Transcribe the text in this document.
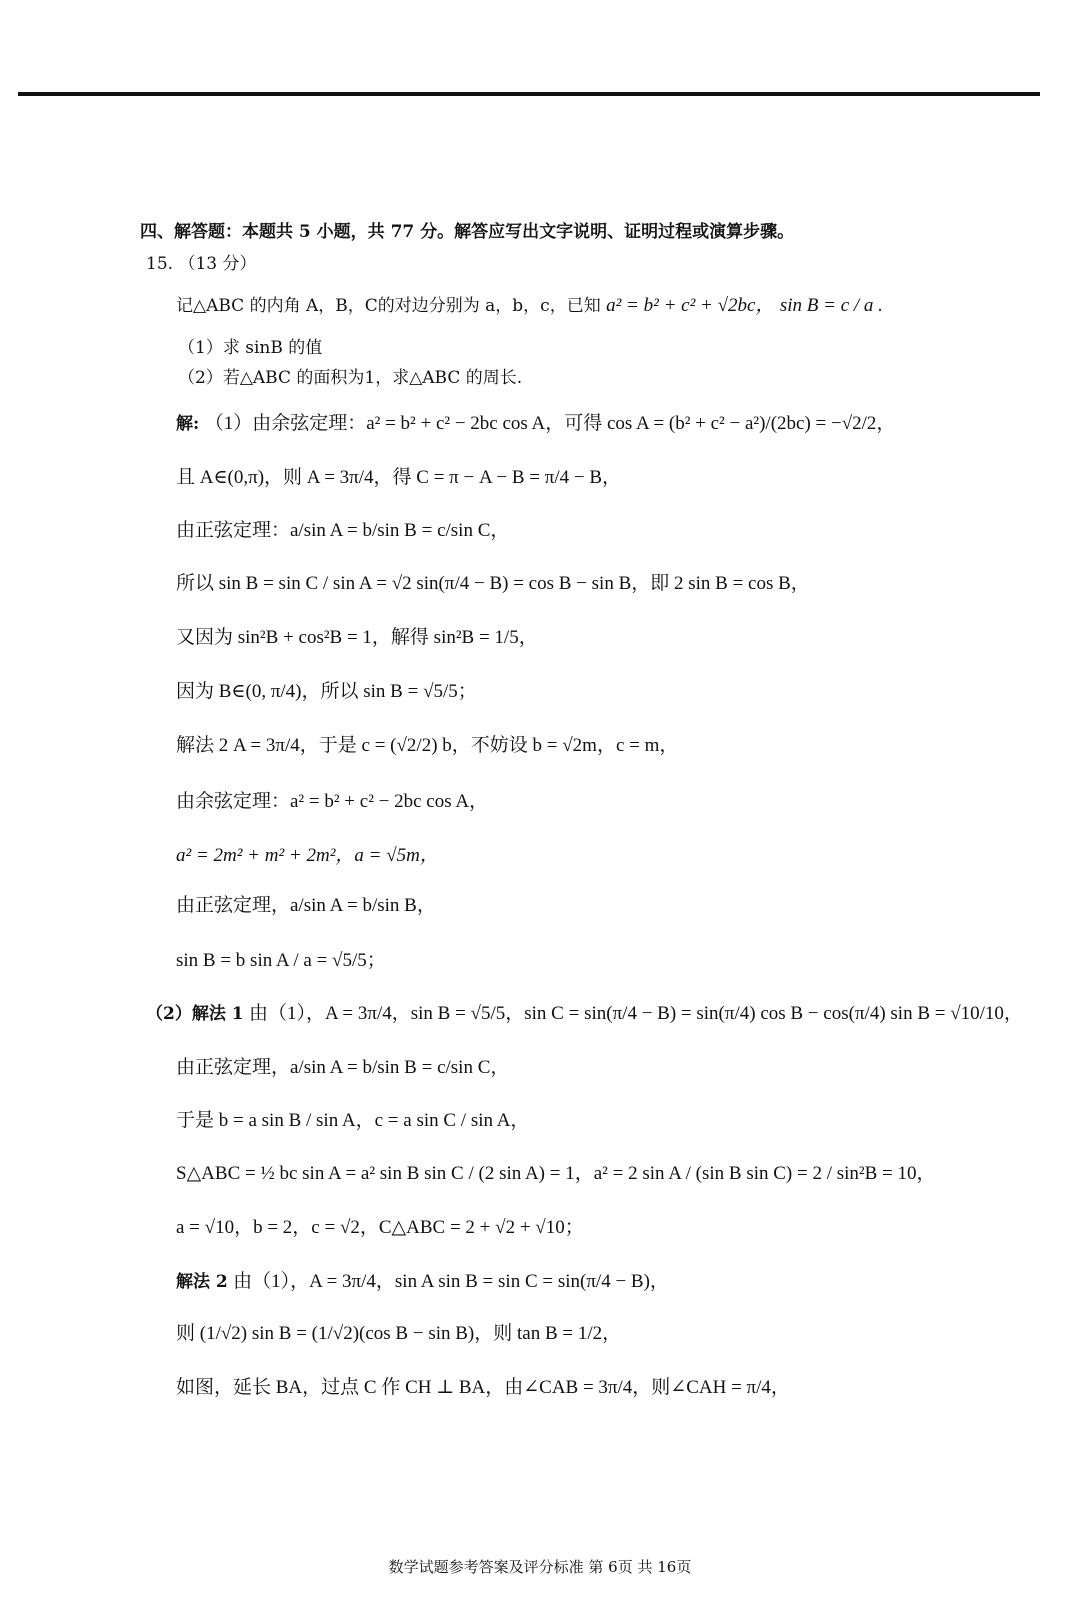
四、解答题：本题共 5 小题，共 77 分。解答应写出文字说明、证明过程或演算步骤。
15. （13 分）
记△ABC 的内角 A，B，C的对边分别为 a，b，c，已知 a² = b² + c² + √2bc， sin B = c / a .
（1）求 sinB 的值
（2）若△ABC 的面积为1，求△ABC 的周长.
解: （1）由余弦定理：a² = b² + c² − 2bc cos A，可得 cos A = (b² + c² − a²)/(2bc) = −√2/2，
且 A∈(0,π)，则 A = 3π/4，得 C = π − A − B = π/4 − B，
由正弦定理：a/sin A = b/sin B = c/sin C，
所以 sin B = sin C / sin A = √2 sin(π/4 − B) = cos B − sin B，即 2 sin B = cos B，
又因为 sin²B + cos²B = 1，解得 sin²B = 1/5，
因为 B∈(0, π/4)，所以 sin B = √5/5；
解法 2 A = 3π/4，于是 c = (√2/2) b，不妨设 b = √2m，c = m，
由余弦定理：a² = b² + c² − 2bc cos A，
a² = 2m² + m² + 2m²，a = √5m，
由正弦定理，a/sin A = b/sin B，
sin B = b sin A / a = √5/5；
（2）解法 1 由（1），A = 3π/4，sin B = √5/5，sin C = sin(π/4 − B) = sin(π/4) cos B − cos(π/4) sin B = √10/10，
由正弦定理，a/sin A = b/sin B = c/sin C，
于是 b = a sin B / sin A，c = a sin C / sin A，
S△ABC = ½ bc sin A = a² sin B sin C / (2 sin A) = 1，a² = 2 sin A / (sin B sin C) = 2 / sin²B = 10，
a = √10，b = 2，c = √2，C△ABC = 2 + √2 + √10；
解法 2 由（1），A = 3π/4，sin A sin B = sin C = sin(π/4 − B)，
则 (1/√2) sin B = (1/√2)(cos B − sin B)，则 tan B = 1/2，
如图，延长 BA，过点 C 作 CH ⊥ BA，由∠CAB = 3π/4，则∠CAH = π/4，
数学试题参考答案及评分标准 第 6页 共 16页
